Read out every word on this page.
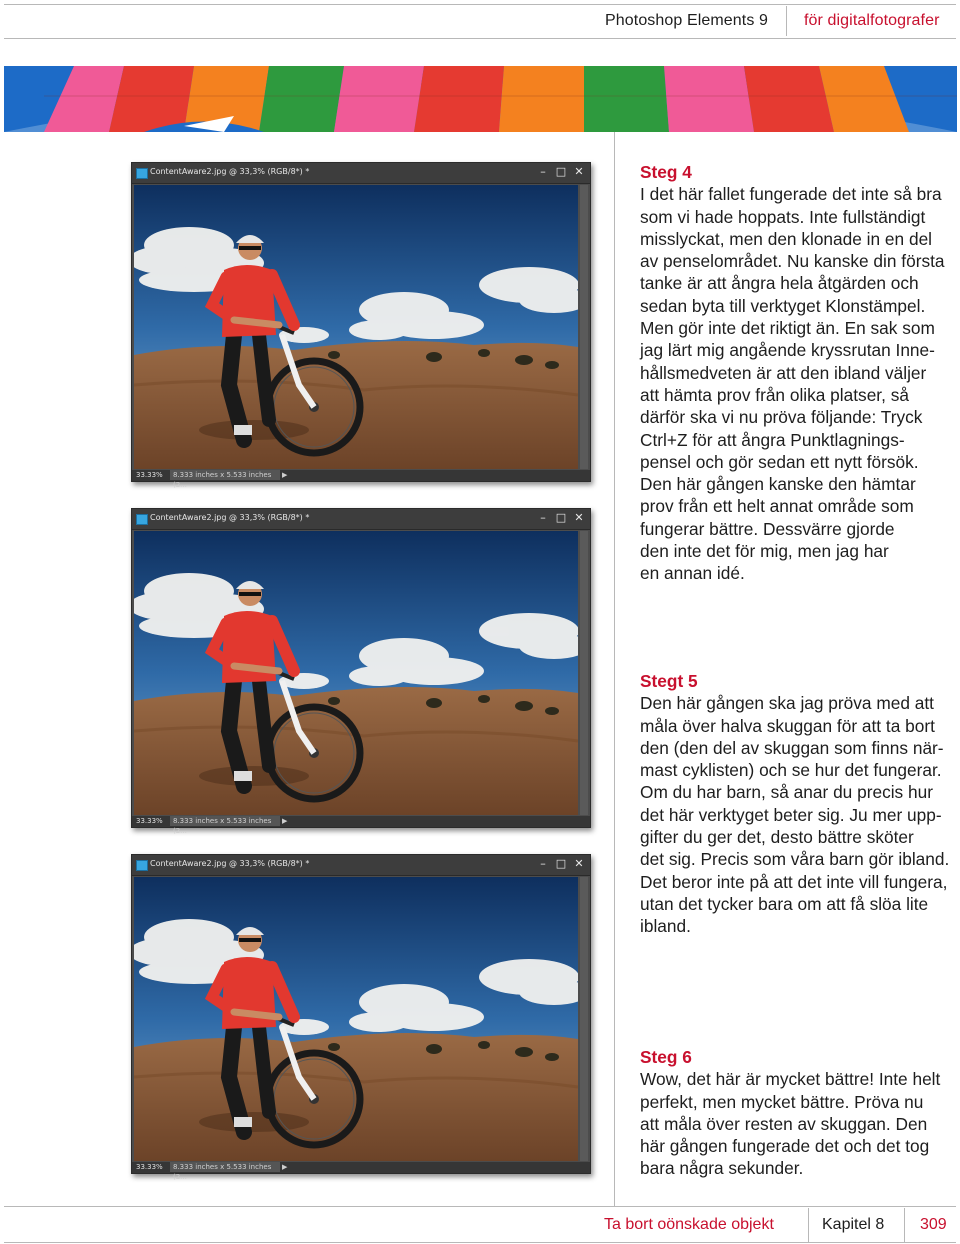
Photoshop Elements 9 för digitalfotografer
ContentAware2.jpg @ 33,3% (RGB/8*) *	– □ ✕
33.33%	8.333 inches x 5.533 inches (2...
▶
ContentAware2.jpg @ 33,3% (RGB/8*) *	– □ ✕
33.33%	8.333 inches x 5.533 inches (2...
▶
ContentAware2.jpg @ 33,3% (RGB/8*) *	– □ ✕
33.33%	8.333 inches x 5.533 inches (2...
▶
Steg 4

I det här fallet fungerade det inte så bra
som vi hade hoppats. Inte fullständigt
misslyckat, men den klonade in en del
av penselområdet. Nu kanske din första
tanke är att ångra hela åtgärden och
sedan byta till verktyget Klonstämpel.
Men gör inte det riktigt än. En sak som
jag lärt mig angående kryssrutan Inne-
hållsmedveten är att den ibland väljer
att hämta prov från olika platser, så
därför ska vi nu pröva följande: Tryck
Ctrl+Z för att ångra Punktlagnings-
pensel och gör sedan ett nytt försök.
Den här gången kanske den hämtar
prov från ett helt annat område som
fungerar bättre. Dessvärre gjorde
den inte det för mig, men jag har
en annan idé.

Stegt 5

Den här gången ska jag pröva med att
måla över halva skuggan för att ta bort
den (den del av skuggan som finns när-
mast cyklisten) och se hur det fungerar.
Om du har barn, så anar du precis hur
det här verktyget beter sig. Ju mer upp-
gifter du ger det, desto bättre sköter
det sig. Precis som våra barn gör ibland.
Det beror inte på att det inte vill fungera,
utan det tycker bara om att få slöa lite
ibland.

Steg 6

Wow, det här är mycket bättre! Inte helt
perfekt, men mycket bättre. Pröva nu
att måla över resten av skuggan. Den
här gången fungerade det och det tog
bara några sekunder.

Ta bort oönskade objekt	Kapitel 8 309
